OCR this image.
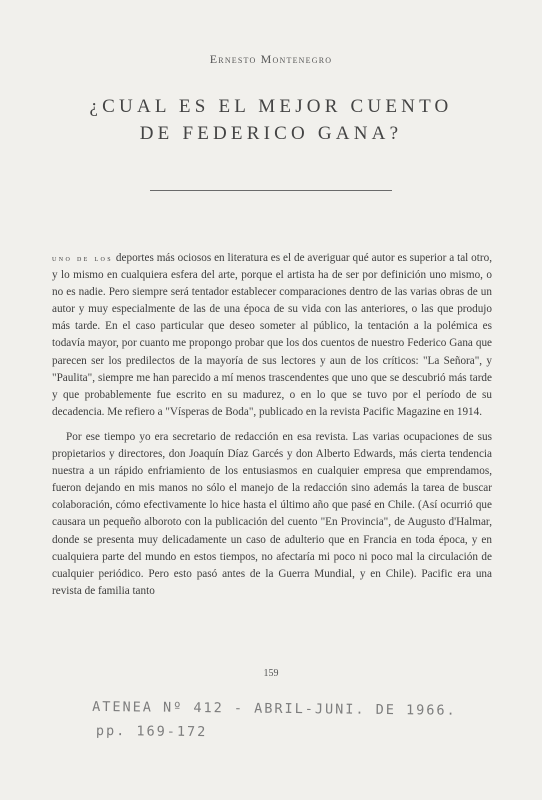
Ernesto Montenegro
¿CUAL ES EL MEJOR CUENTO
DE FEDERICO GANA?

uno de los deportes más ociosos en literatura es el de averiguar qué autor es superior a tal otro, y lo mismo en cualquiera esfera del arte, porque el artista ha de ser por definición uno mismo, o no es nadie. Pero siempre será tentador establecer comparaciones dentro de las varias obras de un autor y muy especialmente de las de una época de su vida con las anteriores, o las que produjo más tarde. En el caso particular que deseo someter al público, la tentación a la polémica es todavía mayor, por cuanto me propongo probar que los dos cuentos de nuestro Federico Gana que parecen ser los predilectos de la mayoría de sus lectores y aun de los críticos: "La Señora", y "Paulita", siempre me han parecido a mí menos trascendentes que uno que se descubrió más tarde y que probablemente fue escrito en su madurez, o en lo que se tuvo por el período de su decadencia. Me refiero a "Vísperas de Boda", publicado en la revista Pacific Magazine en 1914.

Por ese tiempo yo era secretario de redacción en esa revista. Las varias ocupaciones de sus propietarios y directores, don Joaquín Díaz Garcés y don Alberto Edwards, más cierta tendencia nuestra a un rápido enfriamiento de los entusiasmos en cualquier empresa que emprendamos, fueron dejando en mis manos no sólo el manejo de la redacción sino además la tarea de buscar colaboración, cómo efectivamente lo hice hasta el último año que pasé en Chile. (Así ocurrió que causara un pequeño alboroto con la publicación del cuento "En Provincia", de Augusto d'Halmar, donde se presenta muy delicadamente un caso de adulterio que en Francia en toda época, y en cualquiera parte del mundo en estos tiempos, no afectaría mi poco ni poco mal la circulación de cualquier periódico. Pero esto pasó antes de la Guerra Mundial, y en Chile). Pacific era una revista de familia tanto

159
ATENEA Nº 412 - ABRIL-JUNI. DE 1966.
pp. 169-172
